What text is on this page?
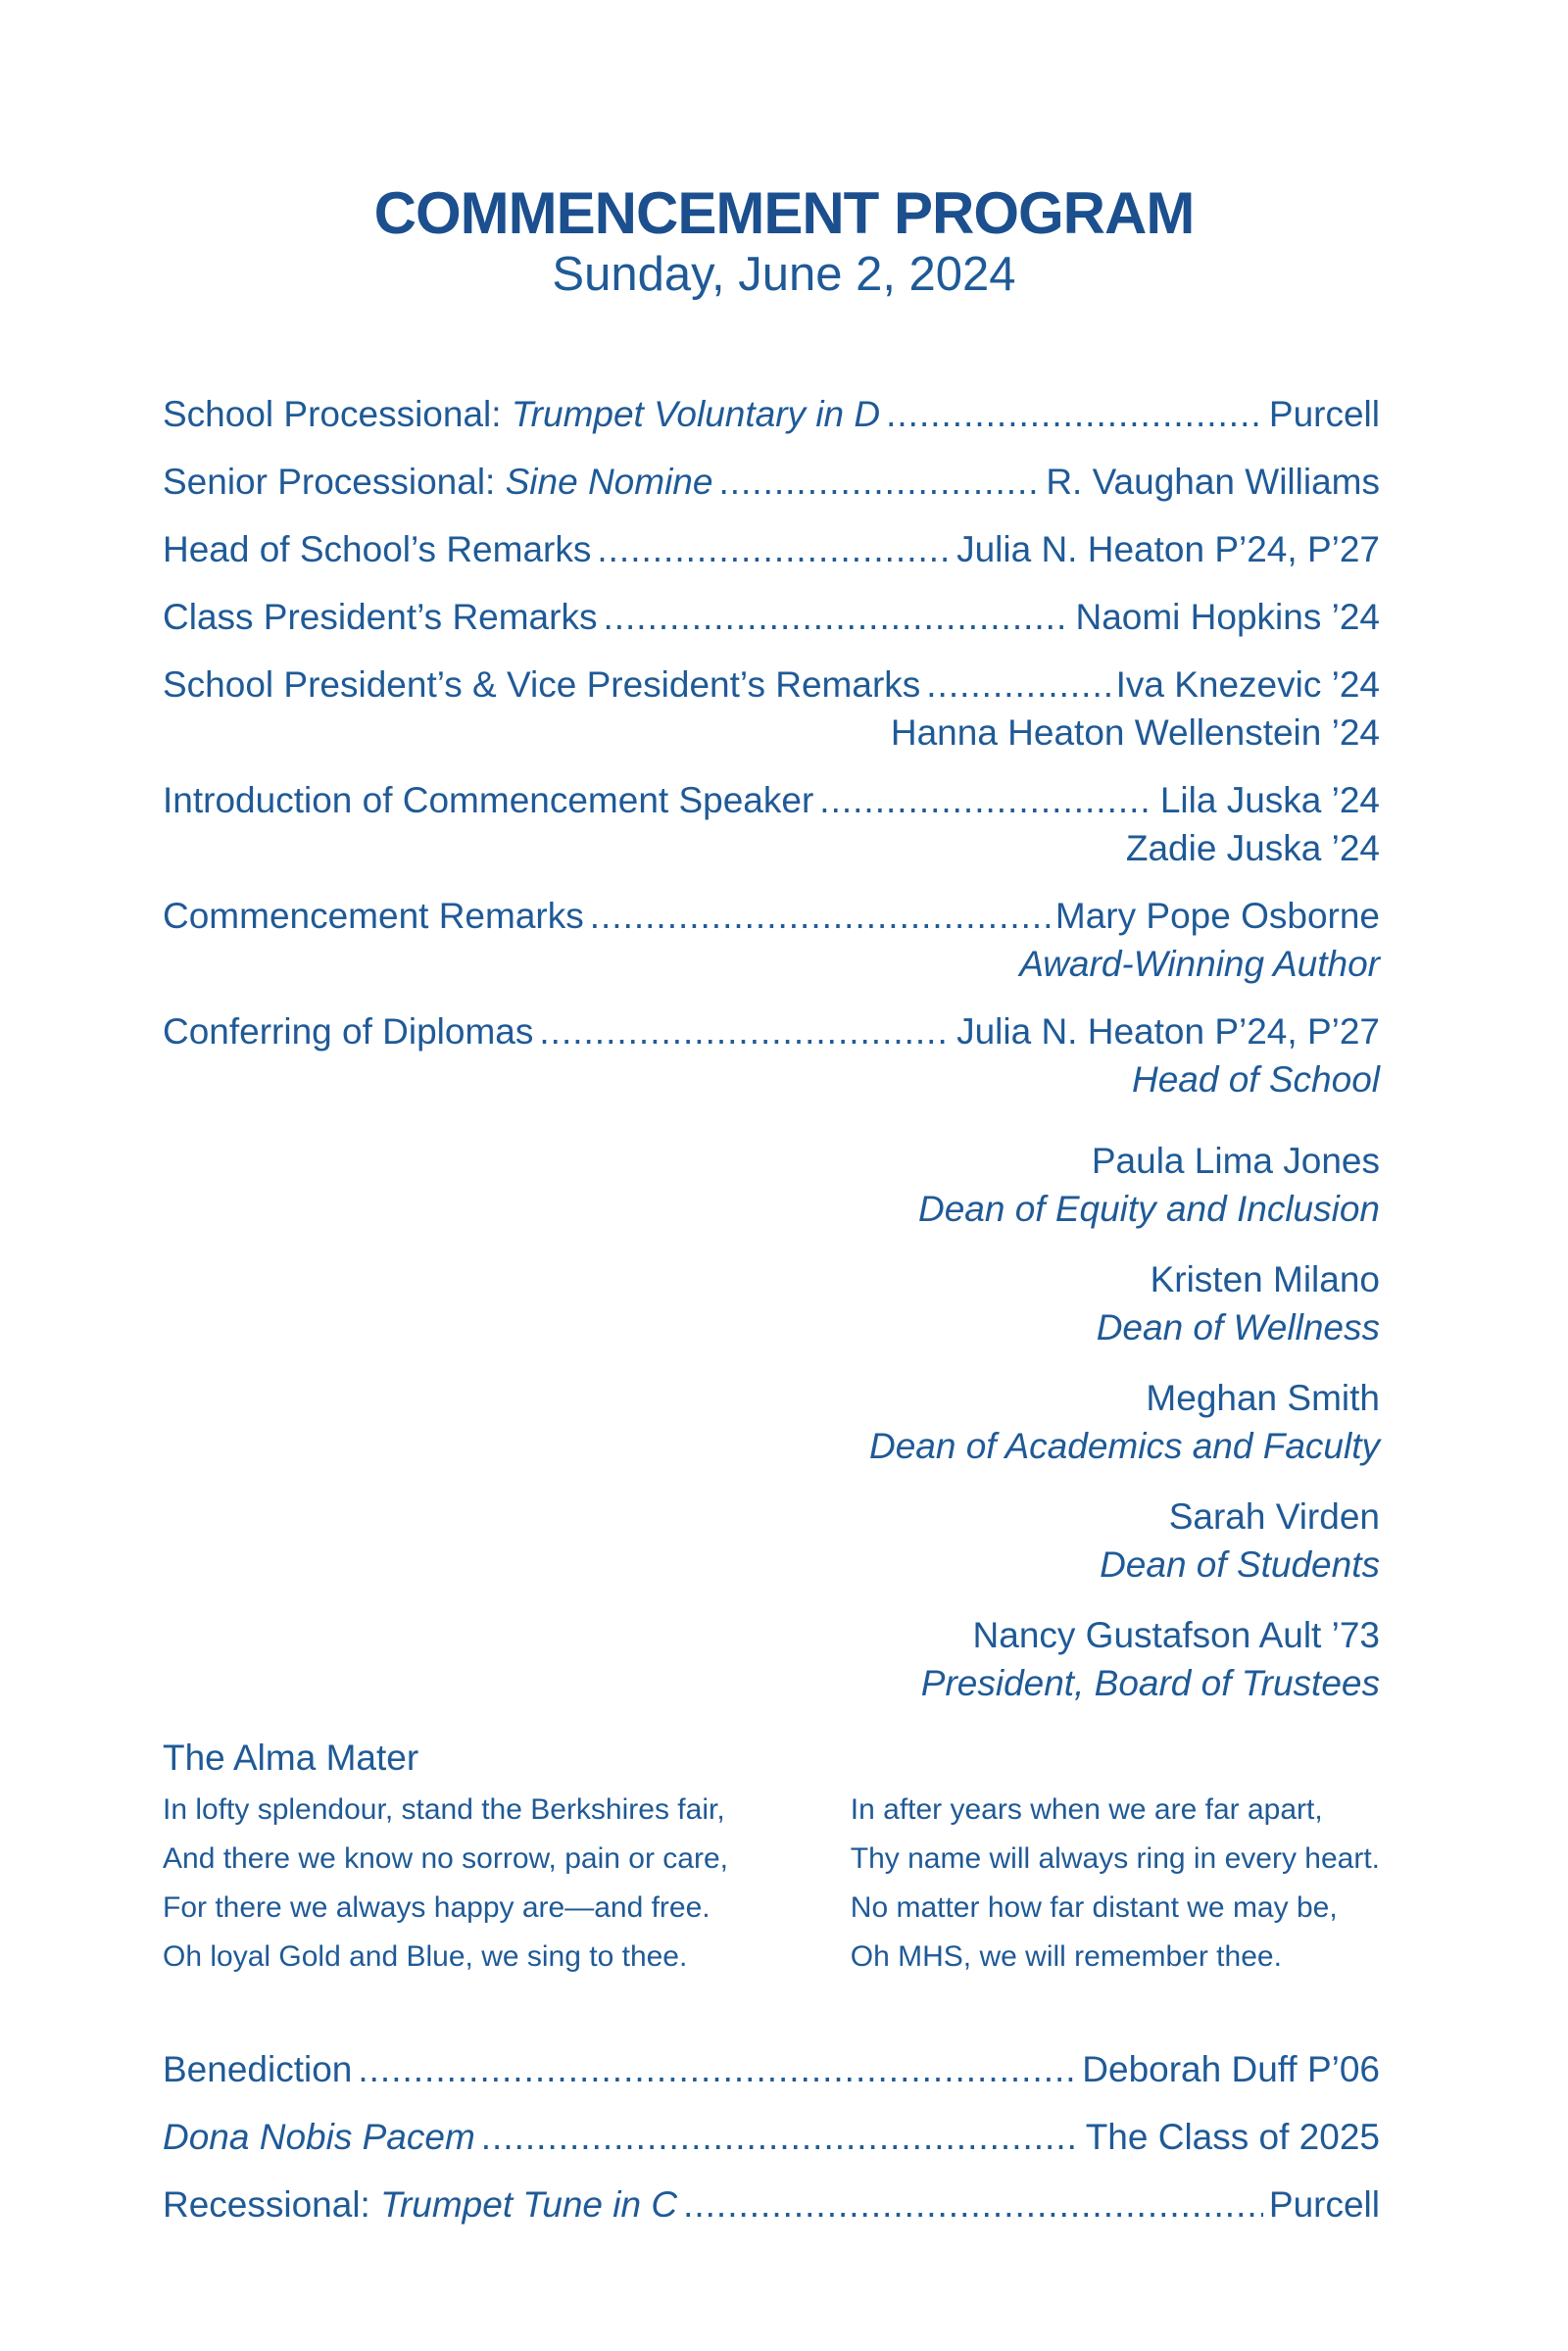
COMMENCEMENT PROGRAM
Sunday, June 2, 2024
School Processional: Trumpet Voluntary in D .....	Purcell
Senior Processional: Sine Nomine .....	R. Vaughan Williams
Head of School’s Remarks .....	Julia N. Heaton P’24, P’27
Class President’s Remarks .....	Naomi Hopkins ’24
School President’s & Vice President’s Remarks .....	Iva Knezevic ’24
Hanna Heaton Wellenstein ’24
Introduction of Commencement Speaker .....	Lila Juska ’24
Zadie Juska ’24
Commencement Remarks .....	Mary Pope Osborne
Award-Winning Author
Conferring of Diplomas .....	Julia N. Heaton P’24, P’27
Head of School
Paula Lima Jones
Dean of Equity and Inclusion
Kristen Milano
Dean of Wellness
Meghan Smith
Dean of Academics and Faculty
Sarah Virden
Dean of Students
Nancy Gustafson Ault ’73
President, Board of Trustees
The Alma Mater
In lofty splendour, stand the Berkshires fair,
And there we know no sorrow, pain or care,
For there we always happy are—and free.
Oh loyal Gold and Blue, we sing to thee.
In after years when we are far apart,
Thy name will always ring in every heart.
No matter how far distant we may be,
Oh MHS, we will remember thee.
Benediction .....	Deborah Duff P’06
Dona Nobis Pacem .....	The Class of 2025
Recessional: Trumpet Tune in C .....	Purcell
